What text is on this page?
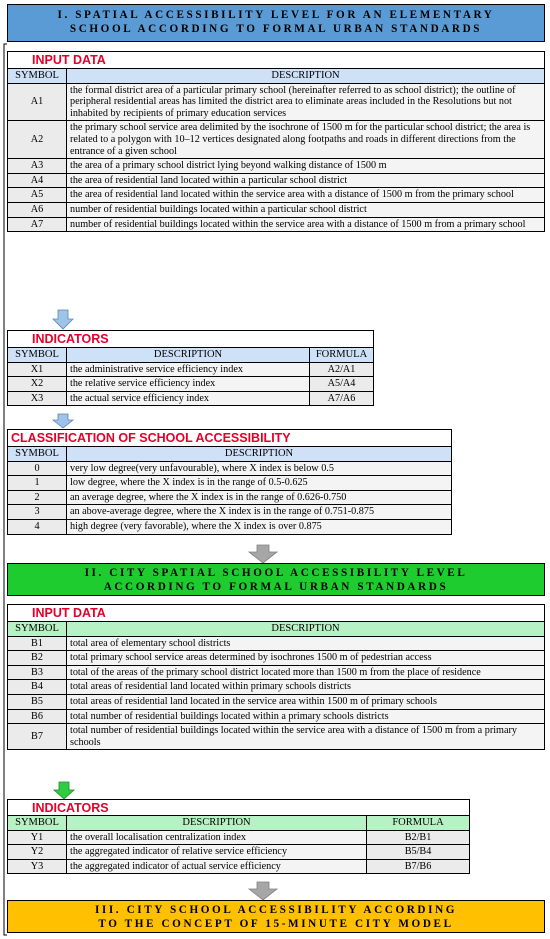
I. SPATIAL ACCESSIBILITY LEVEL FOR AN ELEMENTARY
SCHOOL ACCORDING TO FORMAL URBAN STANDARDS
INPUT DATA
SYMBOL	DESCRIPTION
A1	the formal district area of a particular primary school (hereinafter referred to as school district); the outline of peripheral residential areas has limited the district area to eliminate areas included in the Resolutions but not inhabited by recipients of primary education services
A2	the primary school service area delimited by the isochrone of 1500 m for the particular school district; the area is related to a polygon with 10–12 vertices designated along footpaths and roads in different directions from the entrance of a given school
A3	the area of a primary school district lying beyond walking distance of 1500 m
A4	the area of residential land located within a particular school district
A5	the area of residential land located within the service area with a distance of 1500 m from the primary school
A6	number of residential buildings located within a particular school district
A7	number of residential buildings located within the service area with a distance of 1500 m from a primary school
INDICATORS
SYMBOL	DESCRIPTION	FORMULA
X1	the administrative service efficiency index	A2/A1
X2	the relative service efficiency index	A5/A4
X3	the actual service efficiency index	A7/A6
CLASSIFICATION OF SCHOOL ACCESSIBILITY
SYMBOL	DESCRIPTION
0	very low degree(very unfavourable), where X index is below 0.5
1	low degree, where the X index is in the range of 0.5-0.625
2	an average degree, where the X index is in the range of 0.626-0.750
3	an above-average degree, where the X index is in the range of 0.751-0.875
4	high degree (very favorable), where the X index is over 0.875
II. CITY SPATIAL SCHOOL ACCESSIBILITY LEVEL
ACCORDING TO FORMAL URBAN STANDARDS
INPUT DATA
SYMBOL	DESCRIPTION
B1	total area of elementary school districts
B2	total primary school service areas determined by isochrones 1500 m of pedestrian access
B3	total of the areas of the primary school district located more than 1500 m from the place of residence
B4	total areas of residential land located within primary schools districts
B5	total areas of residential land located in the service area within 1500 m of primary schools
B6	total number of residential buildings located within a primary schools districts
B7	total number of residential buildings located within the service area with a distance of 1500 m from a primary schools
INDICATORS
SYMBOL	DESCRIPTION	FORMULA
Y1	the overall localisation centralization index	B2/B1
Y2	the aggregated indicator of relative service efficiency	B5/B4
Y3	the aggregated indicator of actual service efficiency	B7/B6
III. CITY SCHOOL ACCESSIBILITY ACCORDING
TO THE CONCEPT OF 15-MINUTE CITY MODEL
